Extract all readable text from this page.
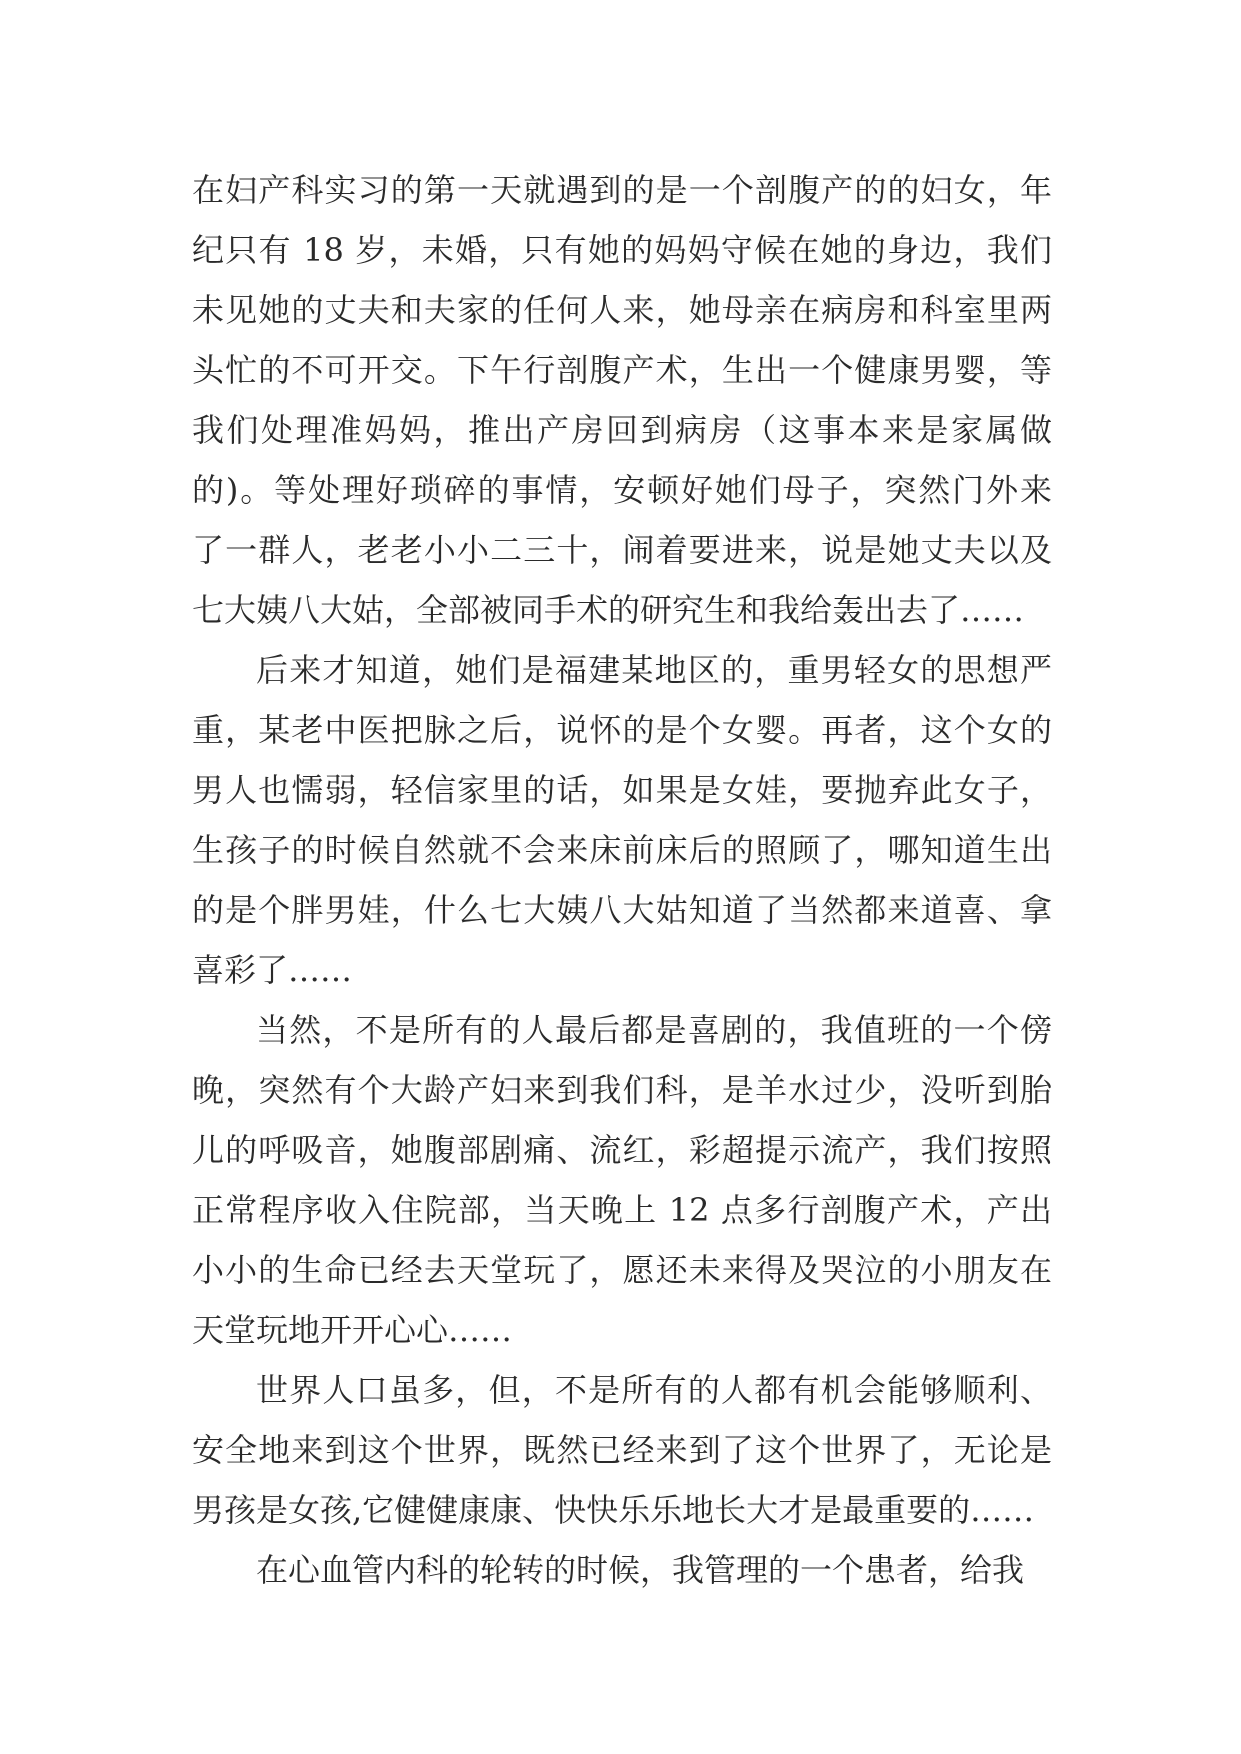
在妇产科实习的第一天就遇到的是一个剖腹产的的妇女，年
纪只有 18 岁，未婚，只有她的妈妈守候在她的身边，我们
未见她的丈夫和夫家的任何人来，她母亲在病房和科室里两
头忙的不可开交。下午行剖腹产术，生出一个健康男婴，等
我们处理准妈妈，推出产房回到病房（这事本来是家属做
的)。等处理好琐碎的事情，安顿好她们母子，突然门外来
了一群人，老老小小二三十，闹着要进来，说是她丈夫以及
七大姨八大姑，全部被同手术的研究生和我给轰出去了……
后来才知道，她们是福建某地区的，重男轻女的思想严
重，某老中医把脉之后，说怀的是个女婴。再者，这个女的
男人也懦弱，轻信家里的话，如果是女娃，要抛弃此女子，
生孩子的时候自然就不会来床前床后的照顾了，哪知道生出
的是个胖男娃，什么七大姨八大姑知道了当然都来道喜、拿
喜彩了……
当然，不是所有的人最后都是喜剧的，我值班的一个傍
晚，突然有个大龄产妇来到我们科，是羊水过少，没听到胎
儿的呼吸音，她腹部剧痛、流红，彩超提示流产，我们按照
正常程序收入住院部，当天晚上 12 点多行剖腹产术，产出
小小的生命已经去天堂玩了，愿还未来得及哭泣的小朋友在
天堂玩地开开心心……
世界人口虽多，但，不是所有的人都有机会能够顺利、
安全地来到这个世界，既然已经来到了这个世界了，无论是
男孩是女孩,它健健康康、快快乐乐地长大才是最重要的……
在心血管内科的轮转的时候，我管理的一个患者，给我
